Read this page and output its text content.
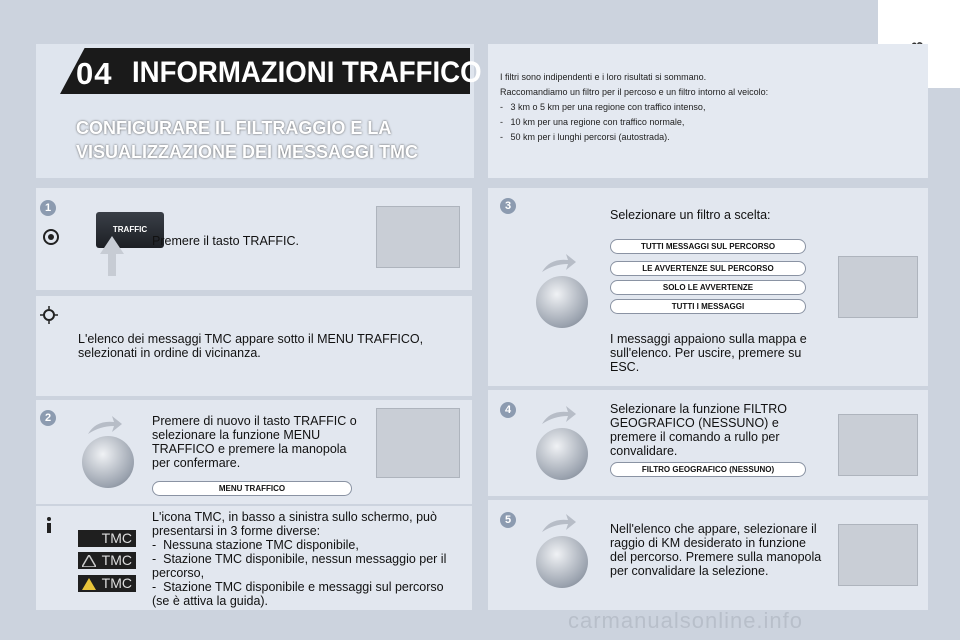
04 INFORMAZIONI TRAFFICO
CONFIGURARE IL FILTRAGGIO E LA VISUALIZZAZIONE DEI MESSAGGI TMC
I filtri sono indipendenti e i loro risultati si sommano.
Raccomandiamo un filtro per il percoso e un filtro intorno al veicolo:
-   3 km o 5 km per una regione con traffico intenso,
-   10 km per una regione con traffico normale,
-   50 km per i lunghi percorsi (autostrada).
1
TRAFFIC
Premere il tasto TRAFFIC.
L'elenco dei messaggi TMC appare sotto il MENU TRAFFICO, selezionati in ordine di vicinanza.
2	Premere di nuovo il tasto TRAFFIC o selezionare la funzione MENU TRAFFICO e premere la manopola per confermare.
MENU TRAFFICO
TMC
TMC
TMC
L'icona TMC, in basso a sinistra sullo schermo, può presentarsi in 3 forme diverse:
-  Nessuna stazione TMC disponibile,
-  Stazione TMC disponibile, nessun messaggio per il percorso,
-  Stazione TMC disponibile e messaggi sul percorso (se è attiva la guida).
3
Selezionare un filtro a scelta:
TUTTI MESSAGGI SUL PERCORSO
LE AVVERTENZE SUL PERCORSO
SOLO LE AVVERTENZE
TUTTI I MESSAGGI
I messaggi appaiono sulla mappa e sull'elenco. Per uscire, premere su ESC.
4	Selezionare la funzione FILTRO GEOGRAFICO (NESSUNO) e premere il comando a rullo per convalidare.
FILTRO GEOGRAFICO (NESSUNO)
5
Nell'elenco che appare, selezionare il raggio di KM desiderato in funzione del percorso. Premere sulla manopola per convalidare la selezione.
carmanualsonline.info
